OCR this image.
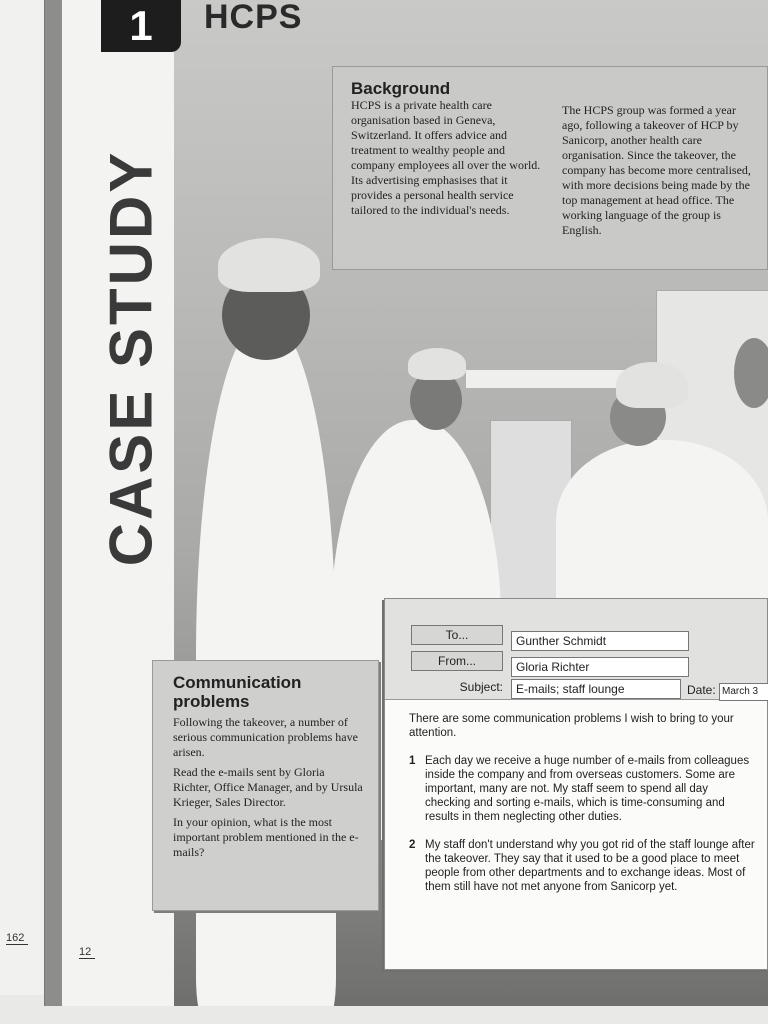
162
1	HCPS
CASE STUDY
12
Background

HCPS is a private health care organisation based in Geneva, Switzerland. It offers advice and treatment to wealthy people and company employees all over the world. Its advertising emphasises that it provides a personal health service tailored to the individual's needs.

The HCPS group was formed a year ago, following a takeover of HCP by Sanicorp, another health care organisation. Since the takeover, the company has become more centralised, with more decisions being made by the top management at head office. The working language of the group is English.

Communication problems

Following the takeover, a number of serious communication problems have arisen.

Read the e-mails sent by Gloria Richter, Office Manager, and by Ursula Krieger, Sales Director.

In your opinion, what is the most important problem mentioned in the e-mails?

To...	Gunther Schmidt
From...	Gloria Richter
Subject:	E-mails; staff lounge	Date: March 3

There are some communication problems I wish to bring to your attention.

1 Each day we receive a huge number of e-mails from colleagues inside the company and from overseas customers. Some are important, many are not. My staff seem to spend all day checking and sorting e-mails, which is time-consuming and results in them neglecting other duties.
2 My staff don't understand why you got rid of the staff lounge after the takeover. They say that it used to be a good place to meet people from other departments and to exchange ideas. Most of them still have not met anyone from Sanicorp yet.
